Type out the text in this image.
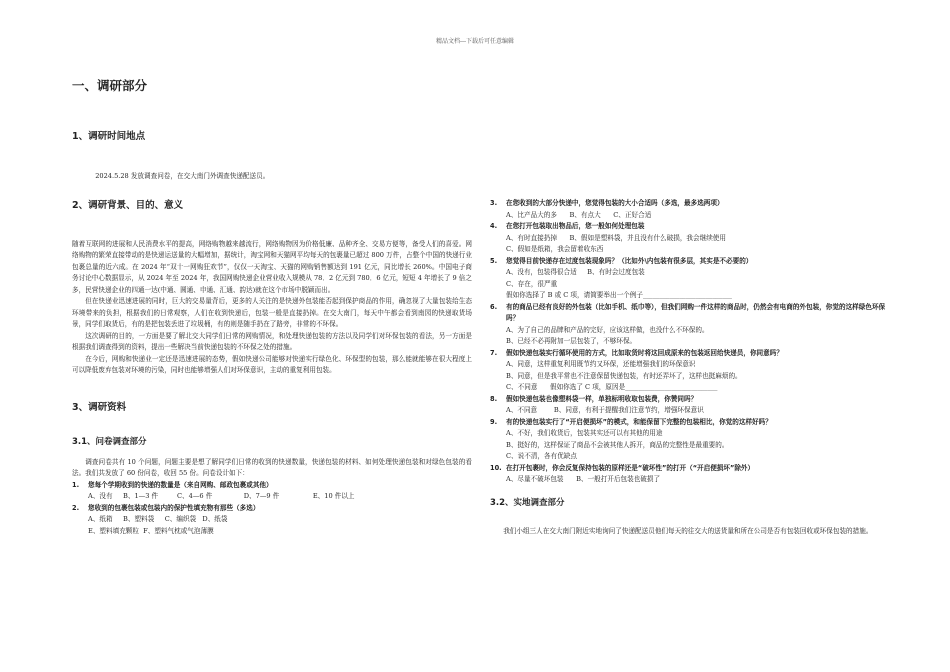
精品文档---下载后可任意编辑
一、调研部分
1、调研时间地点
2024.5.28 发放调查问卷，在交大南门外调查快递配送员。
2、调研背景、目的、意义
随着互联网的进展和人民消费水平的提高，网络购物越来越流行，网络购物因为价格低廉、品种齐全、交易方便等，备受人们的喜爱。网络购物的繁荣直接带动的是快递运送量的大幅增加，据统计，淘宝网和天猫网平均每天的包裹量已超过 800 万件，占整个中国的快递行业包裹总量的近六成。在 2024 年“双十一网购狂欢节”，仅仅一天淘宝、天猫的网购销售额达到 191 亿元，同比增长 260%。中国电子商务讨论中心数据显示，从 2024 年至 2024 年，我国网购快递企业营业收入规模从 78．2 亿元到 780．6 亿元，短短 4 年增长了 9 倍之多，民营快递企业的四通一达(中通、圆通、申通、汇通、韵达)就在这个市场中脱颖而出。
但在快递业迅速进展的同时，巨大的交易量背后，更多的人关注的是快递外包装能否起到保护商品的作用，确忽视了大量包装给生态环境带来的负担，根据我们的日常观察，人们在收到快递后，包装一般是直接扔掉。在交大南门，每天中午都会看到南园的快递取货场景，同学们取货后，有的是把包装丢进了垃圾桶，有的则是随手扔在了路旁，非常的不环保。
这次调研的目的，一方面是要了解北交大同学们日常的网购情况，和处理快递包装的方法以及同学们对环保包装的看法，另一方面是根据我们调查得到的资料，提出一些解决当前快递包装的不环保之处的措施。
在今后，网购和快递业一定还是迅速进展的态势，假如快递公司能够对快递实行绿色化、环保型的包装，那么能就能够在很大程度上可以降低废弃包装对环境的污染，同时也能够增强人们对环保意识，主动的重复利用包装。
3、调研资料
3.1、问卷调查部分
调查问卷共有 10 个问题，问题主要是想了解同学们日常的收到的快递数量，快递包装的材料、如何处理快递包装和对绿色包装的看法。我们共发放了 60 份问卷，收回 55 份。问卷设计如下：
1.	您每个学期收到的快递的数量是（来自网购、邮政包裹或其他）
A、没有     B、1—3 件         C、4—6 件               D、7—9 件                E、10 件以上
2.	您收到的包裹包装或包装内的保护性填充物有那些（多选）
A、纸箱     B、塑料袋     C、编织袋   D、纸袋
E、塑料填充颗粒  F、塑料气枕或气泡薄膜
3.	在您收到的大部分快递中，您觉得包装的大小合适吗（多选，最多选两项）
A、比产品大的多      B、有点大      C、正好合适
4.	在您打开包装取出物品后，您一般如何处理包装
A、有时直接扔掉      B、假如是塑料袋，并且没有什么破损，我会继续使用
C、假如是纸箱，我会留着收东西
5.	您觉得目前快递存在过度包装现象吗？（比如外\内包装有很多层，其实是不必要的）
A、没有，包装得很合适     B、有时会过度包装
C、存在，很严重
假如你选择了 B 或 C 项，请简要举出一个例子___________________________
6.	有的商品已经有良好的外包装（比如手机、纸巾等），但我们网购一件这样的商品时，仍然会有电商的外包装，你觉的这样绿色环保吗？
A、为了自己的品牌和产品的完好，应该这样做，也没什么不环保的。
B、已经不必再附加一层包装了，不够环保。
7.	假如快递包装实行循环使用的方式，比如取货时将这回成原来的包装返回给快递员，你同意吗？
A、同意，这样重复利用既节约又环保，还能增强我们的环保意识
B、同意，但是我平常也不注意保留快递包装，有时还弄坏了，这样也挺麻烦的。
C、不同意      假如你选了 C 项，原因是____________________________
8.	假如快递包装也像塑料袋一样，单独标明收取包装费，你赞同吗？
A、不同意        B、同意，有利于提醒我们注意节约，增强环保意识
9.	有的快递包装实行了“开启便损坏”的模式，和能保留下完整的包装相比，你觉的这样好吗？
A、不好，我们收货后，包装其实还可以有其他的用途
B、挺好的，这样保证了商品不会被其他人拆开，商品的完整性是最重要的。
C、说不清，各有优缺点
10. 在打开包裹时，你会反复保持包装的原样还是“破坏性”的打开（“开启便损坏”除外）
A、尽量不破坏包装      B、一般打开后包装也破损了
3.2、实地调查部分
我们小组三人在交大南门附近实地询问了快递配送员他们每天的往交大的送货量和所在公司是否有包装回收或环保包装的措施。
